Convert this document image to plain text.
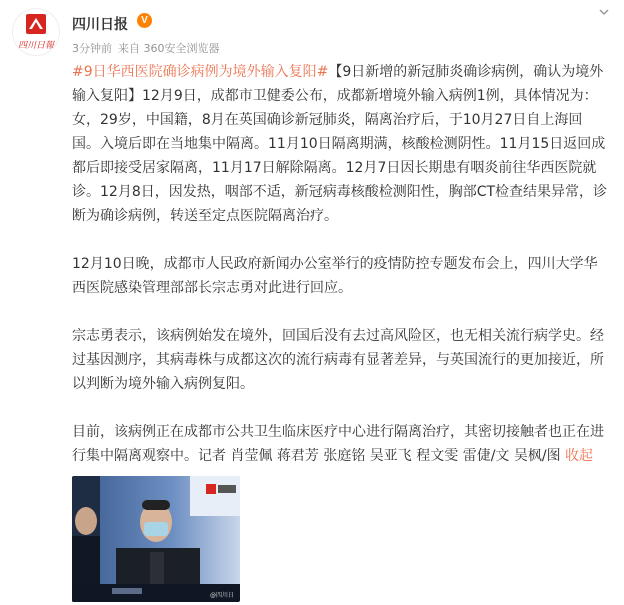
四川日報
四川日报	V
3分钟前 来自 360安全浏览器

#9日华西医院确诊病例为境外输入复阳#【9日新增的新冠肺炎确诊病例，确认为境外输入复阳】12月9日，成都市卫健委公布，成都新增境外输入病例1例，具体情况为：女，29岁，中国籍，8月在英国确诊新冠肺炎，隔离治疗后，于10月27日自上海回国。入境后即在当地集中隔离。11月10日隔离期满，核酸检测阴性。11月15日返回成都后即接受居家隔离，11月17日解除隔离。12月7日因长期患有咽炎前往华西医院就诊。12月8日，因发热，咽部不适，新冠病毒核酸检测阳性，胸部CT检查结果异常，诊断为确诊病例，转送至定点医院隔离治疗。

12月10日晚，成都市人民政府新闻办公室举行的疫情防控专题发布会上，四川大学华西医院感染管理部部长宗志勇对此进行回应。

宗志勇表示，该病例始发在境外，回国后没有去过高风险区，也无相关流行病学史。经过基因测序，其病毒株与成都这次的流行病毒有显著差异，与英国流行的更加接近，所以判断为境外输入病例复阳。

目前，该病例正在成都市公共卫生临床医疗中心进行隔离治疗，其密切接触者也正在进行集中隔离观察中。记者 肖莹佩 蒋君芳 张庭铭 吴亚飞 程文雯 雷倢/文 吴枫/图 收起

@四川日
